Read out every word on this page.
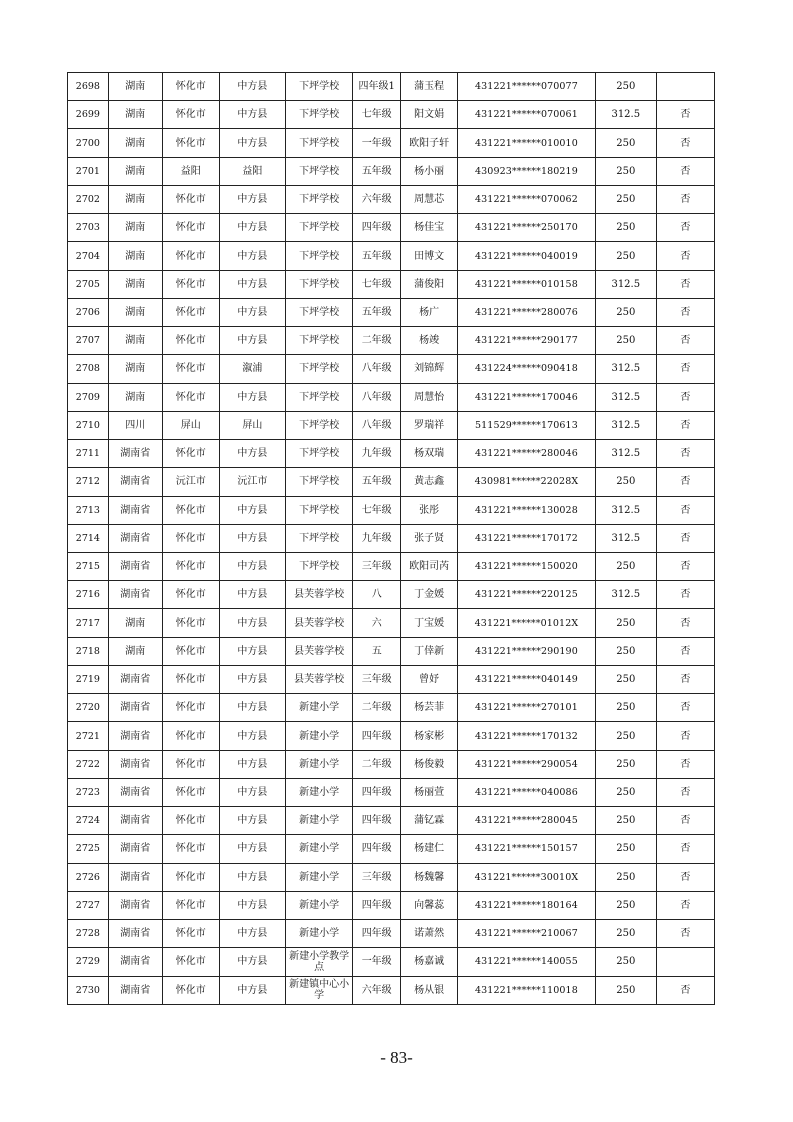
2698	湖南	怀化市	中方县	下坪学校	四年级1	蒲玉程	431221******070077	250	
2699	湖南	怀化市	中方县	下坪学校	七年级	阳文娟	431221******070061	312.5	否
2700	湖南	怀化市	中方县	下坪学校	一年级	欧阳子轩	431221******010010	250	否
2701	湖南	益阳	益阳	下坪学校	五年级	杨小丽	430923******180219	250	否
2702	湖南	怀化市	中方县	下坪学校	六年级	周慧芯	431221******070062	250	否
2703	湖南	怀化市	中方县	下坪学校	四年级	杨佳宝	431221******250170	250	否
2704	湖南	怀化市	中方县	下坪学校	五年级	田博文	431221******040019	250	否
2705	湖南	怀化市	中方县	下坪学校	七年级	蒲俊阳	431221******010158	312.5	否
2706	湖南	怀化市	中方县	下坪学校	五年级	杨广	431221******280076	250	否
2707	湖南	怀化市	中方县	下坪学校	二年级	杨竣	431221******290177	250	否
2708	湖南	怀化市	溆浦	下坪学校	八年级	刘锦辉	431224******090418	312.5	否
2709	湖南	怀化市	中方县	下坪学校	八年级	周慧怡	431221******170046	312.5	否
2710	四川	屏山	屏山	下坪学校	八年级	罗瑞祥	511529******170613	312.5	否
2711	湖南省	怀化市	中方县	下坪学校	九年级	杨双瑞	431221******280046	312.5	否
2712	湖南省	沅江市	沅江市	下坪学校	五年级	黄志鑫	430981******22028X	250	否
2713	湖南省	怀化市	中方县	下坪学校	七年级	张彤	431221******130028	312.5	否
2714	湖南省	怀化市	中方县	下坪学校	九年级	张子贤	431221******170172	312.5	否
2715	湖南省	怀化市	中方县	下坪学校	三年级	欧阳司芮	431221******150020	250	否
2716	湖南省	怀化市	中方县	县芙蓉学校	八	丁金媛	431221******220125	312.5	否
2717	湖南	怀化市	中方县	县芙蓉学校	六	丁宝媛	431221******01012X	250	否
2718	湖南	怀化市	中方县	县芙蓉学校	五	丁倖新	431221******290190	250	否
2719	湖南省	怀化市	中方县	县芙蓉学校	三年级	曾妤	431221******040149	250	否
2720	湖南省	怀化市	中方县	新建小学	二年级	杨芸菲	431221******270101	250	否
2721	湖南省	怀化市	中方县	新建小学	四年级	杨家彬	431221******170132	250	否
2722	湖南省	怀化市	中方县	新建小学	二年级	杨俊毅	431221******290054	250	否
2723	湖南省	怀化市	中方县	新建小学	四年级	杨丽萱	431221******040086	250	否
2724	湖南省	怀化市	中方县	新建小学	四年级	蒲钇霖	431221******280045	250	否
2725	湖南省	怀化市	中方县	新建小学	四年级	杨建仁	431221******150157	250	否
2726	湖南省	怀化市	中方县	新建小学	三年级	杨魏馨	431221******30010X	250	否
2727	湖南省	怀化市	中方县	新建小学	四年级	向馨蕊	431221******180164	250	否
2728	湖南省	怀化市	中方县	新建小学	四年级	诺萧然	431221******210067	250	否
2729	湖南省	怀化市	中方县	新建小学教学点	一年级	杨嘉诚	431221******140055	250	
2730	湖南省	怀化市	中方县	新建镇中心小学	六年级	杨从银	431221******110018	250	否
- 83-
